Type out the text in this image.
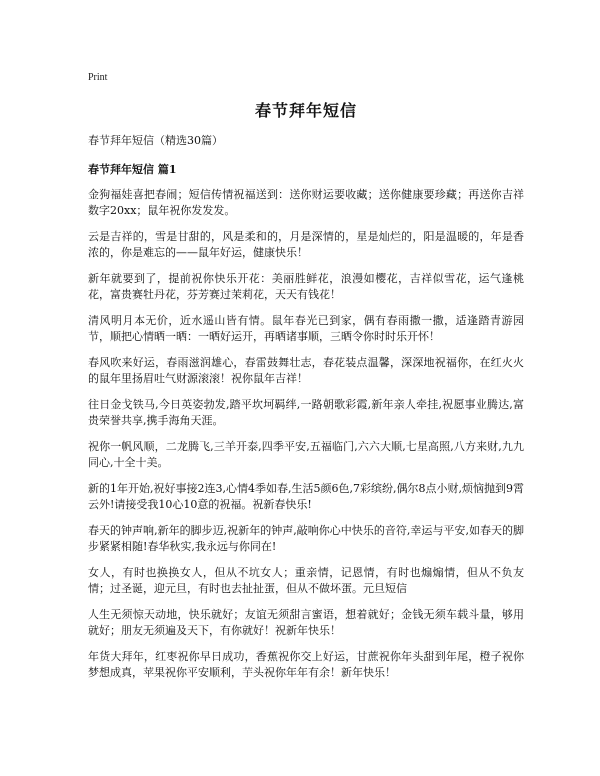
Print
春节拜年短信

春节拜年短信（精选30篇）

春节拜年短信 篇1

金狗福娃喜把春闹；短信传情祝福送到：送你财运要收藏；送你健康要珍藏；再送你吉祥数字20xx；鼠年祝你发发发。

云是吉祥的，雪是甘甜的，风是柔和的，月是深情的，星是灿烂的，阳是温暖的，年是香浓的，你是难忘的——鼠年好运，健康快乐！

新年就要到了，提前祝你快乐开花：美丽胜鲜花，浪漫如樱花，吉祥似雪花，运气逢桃花，富贵赛牡丹花，芬芳赛过茉莉花，天天有钱花！

清风明月本无价，近水遥山皆有情。鼠年春光已到家，偶有春雨撒一撒，适逢踏青游园节，顺把心情晒一晒：一晒好运开，再晒诸事顺，三晒令你时时乐开怀！

春风吹来好运，春雨滋润雄心，春雷鼓舞壮志，春花装点温馨，深深地祝福你，在红火火的鼠年里扬眉吐气财源滚滚！祝你鼠年吉祥！

往日金戈铁马,今日英姿勃发,踏平坎坷羁绊,一路朝歌彩霞,新年亲人牵挂,祝愿事业腾达,富贵荣誉共享,携手海角天涯。

祝你一帆风顺，二龙腾飞,三羊开泰,四季平安,五福临门,六六大顺,七星高照,八方来财,九九同心,十全十美。

新的1年开始,祝好事接2连3,心情4季如春,生活5颜6色,7彩缤纷,偶尔8点小财,烦恼抛到9霄云外!请接受我10心10意的祝福。祝新春快乐!

春天的钟声响,新年的脚步迈,祝新年的钟声,敲响你心中快乐的音符,幸运与平安,如春天的脚步紧紧相随!春华秋实,我永远与你同在!

女人，有时也换换女人，但从不坑女人；重亲情，记恩情，有时也煽煽情，但从不负友情；过圣诞，迎元旦，有时也去扯扯蛋，但从不做坏蛋。元旦短信

人生无须惊天动地，快乐就好；友谊无须甜言蜜语，想着就好；金钱无须车载斗量，够用就好；朋友无须遍及天下，有你就好！祝新年快乐！

年货大拜年，红枣祝你早日成功，香蕉祝你交上好运，甘蔗祝你年头甜到年尾，橙子祝你梦想成真，苹果祝你平安顺利，芋头祝你年年有余！新年快乐！
